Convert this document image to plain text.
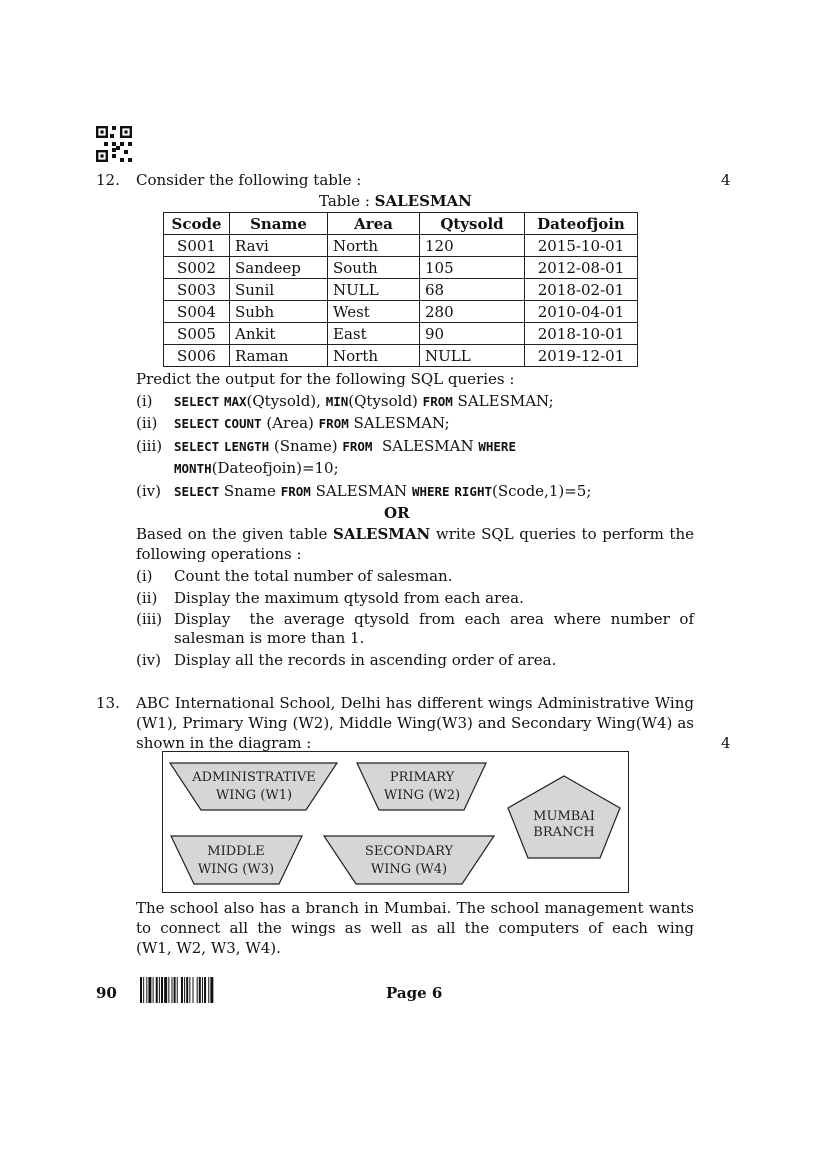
12. Consider the following table :	4
Table : SALESMAN
Scode	Sname	Area	Qtysold	Dateofjoin
S001	Ravi	North	120	2015-10-01
S002	Sandeep	South	105	2012-08-01
S003	Sunil	NULL	68	2018-02-01
S004	Subh	West	280	2010-04-01
S005	Ankit	East	90	2018-10-01
S006	Raman	North	NULL	2019-12-01
Predict the output for the following SQL queries :
(i) SELECT MAX(Qtysold), MIN(Qtysold) FROM SALESMAN;
(ii) SELECT COUNT (Area) FROM SALESMAN;
(iii) SELECT LENGTH (Sname) FROM  SALESMAN WHERE
MONTH(Dateofjoin)=10;
(iv) SELECT Sname FROM SALESMAN WHERE RIGHT(Scode,1)=5;
OR
Based on the given table SALESMAN write SQL queries to perform the
following operations :
(i) Count the total number of salesman.
(ii) Display the maximum qtysold from each area.
(iii) Display  the average qtysold from each area where number of
salesman is more than 1.
(iv) Display all the records in ascending order of area.
13. ABC International School, Delhi has different wings Administrative Wing
(W1), Primary Wing (W2), Middle Wing(W3) and Secondary Wing(W4) as
shown in the diagram :	4
ADMINISTRATIVE
WING (W1)
PRIMARY
WING (W2)
MUMBAI
BRANCH
MIDDLE
WING (W3)
SECONDARY
WING (W4)
The school also has a branch in Mumbai. The school management wants
to connect all the wings as well as all the computers of each wing
(W1, W2, W3, W4).
90	Page 6
